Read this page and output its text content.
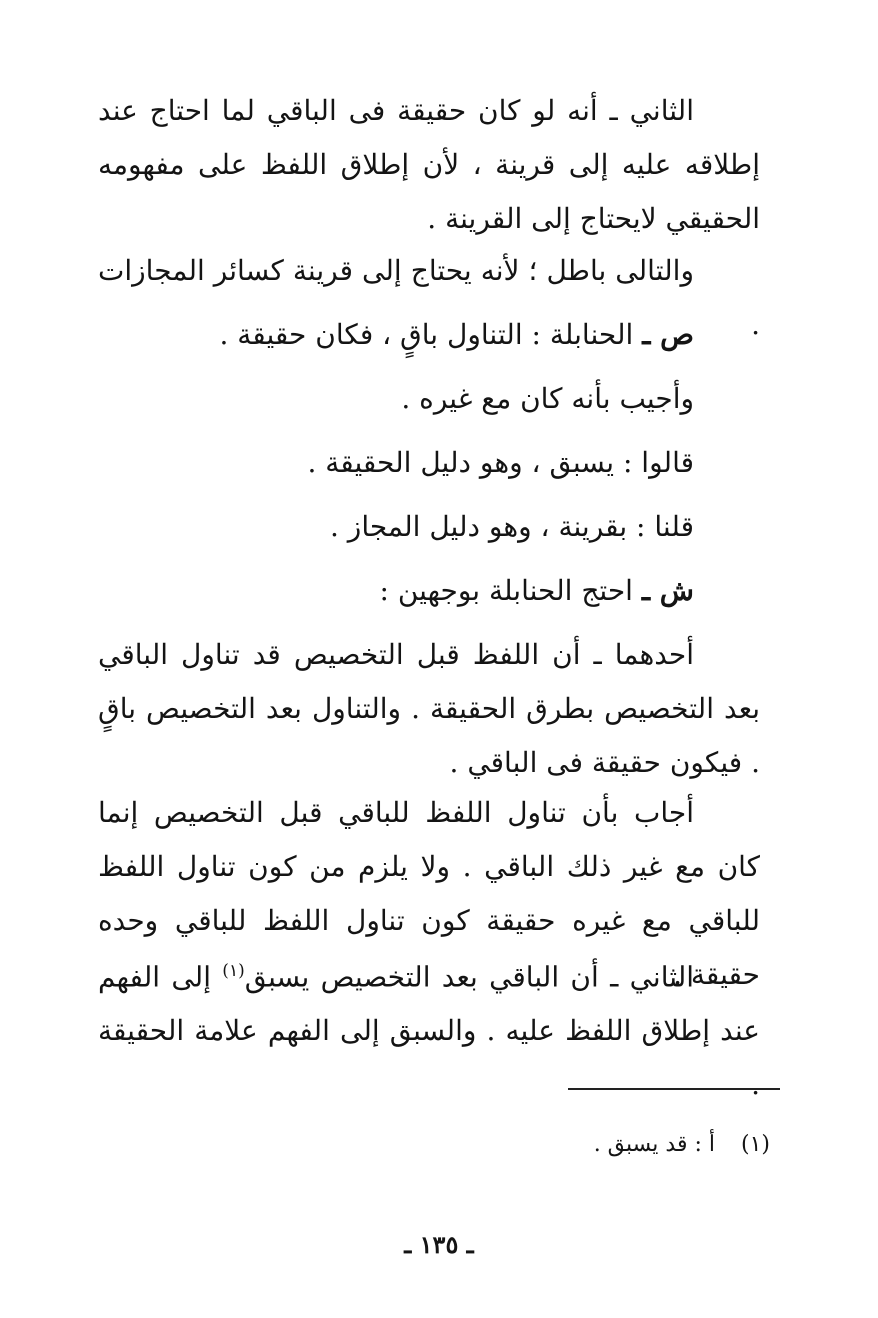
الثاني ـ أنه لو كان حقيقة فى الباقي لما احتاج عند إطلاقه عليه إلى قرينة ، لأن إطلاق اللفظ على مفهومه الحقيقي لايحتاج إلى القرينة .

والتالى باطل ؛ لأنه يحتاج إلى قرينة كسائر المجازات .

ص ـ الحنابلة : التناول باقٍ ، فكان حقيقة .

وأجيب بأنه كان مع غيره .

قالوا : يسبق ، وهو دليل الحقيقة .

قلنا : بقرينة ، وهو دليل المجاز .

ش ـ احتج الحنابلة بوجهين :

أحدهما ـ أن اللفظ قبل التخصيص قد تناول الباقي بعد التخصيص بطرق الحقيقة . والتناول بعد التخصيص باقٍ . فيكون حقيقة فى الباقي .

أجاب بأن تناول اللفظ للباقي قبل التخصيص إنما كان مع غير ذلك الباقي . ولا يلزم من كون تناول اللفظ للباقي مع غيره حقيقة كون تناول اللفظ للباقي وحده حقيقة .

الثاني ـ أن الباقي بعد التخصيص يسبق$^{(١)}$ إلى الفهم عند إطلاق اللفظ عليه . والسبق إلى الفهم علامة الحقيقة .

(١)أ : قد يسبق .

ـ ١٣٥ ـ
